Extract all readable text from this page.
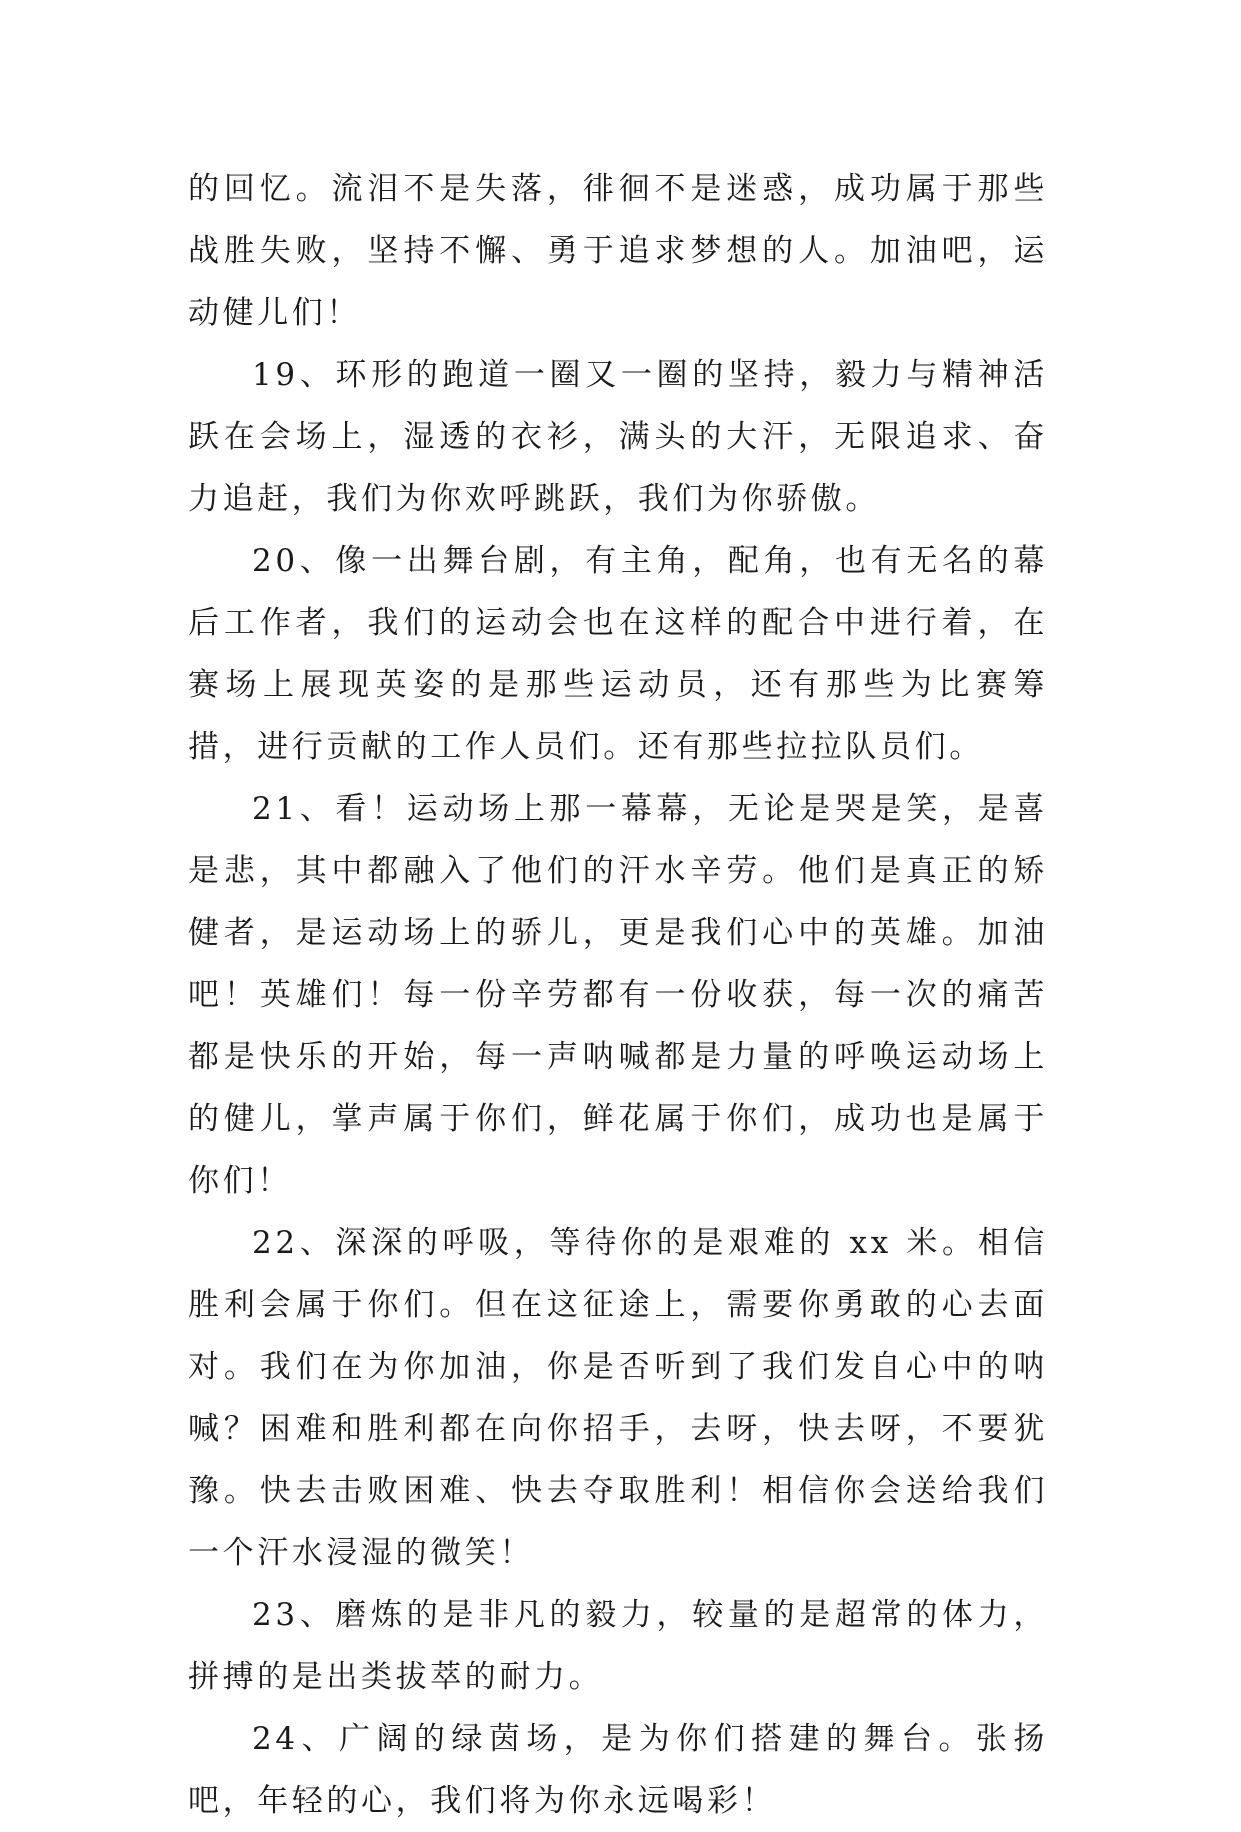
的回忆。流泪不是失落，徘徊不是迷惑，成功属于那些战胜失败，坚持不懈、勇于追求梦想的人。加油吧，运动健儿们！

19、环形的跑道一圈又一圈的坚持，毅力与精神活跃在会场上，湿透的衣衫，满头的大汗，无限追求、奋力追赶，我们为你欢呼跳跃，我们为你骄傲。

20、像一出舞台剧，有主角，配角，也有无名的幕后工作者，我们的运动会也在这样的配合中进行着，在赛场上展现英姿的是那些运动员，还有那些为比赛筹措，进行贡献的工作人员们。还有那些拉拉队员们。

21、看！运动场上那一幕幕，无论是哭是笑，是喜是悲，其中都融入了他们的汗水辛劳。他们是真正的矫健者，是运动场上的骄儿，更是我们心中的英雄。加油吧！英雄们！每一份辛劳都有一份收获，每一次的痛苦都是快乐的开始，每一声呐喊都是力量的呼唤运动场上的健儿，掌声属于你们，鲜花属于你们，成功也是属于你们！

22、深深的呼吸，等待你的是艰难的 xx 米。相信胜利会属于你们。但在这征途上，需要你勇敢的心去面对。我们在为你加油，你是否听到了我们发自心中的呐喊？困难和胜利都在向你招手，去呀，快去呀，不要犹豫。快去击败困难、快去夺取胜利！相信你会送给我们一个汗水浸湿的微笑！

23、磨炼的是非凡的毅力，较量的是超常的体力，拼搏的是出类拔萃的耐力。

24、广阔的绿茵场，是为你们搭建的舞台。张扬吧，年轻的心，我们将为你永远喝彩！
